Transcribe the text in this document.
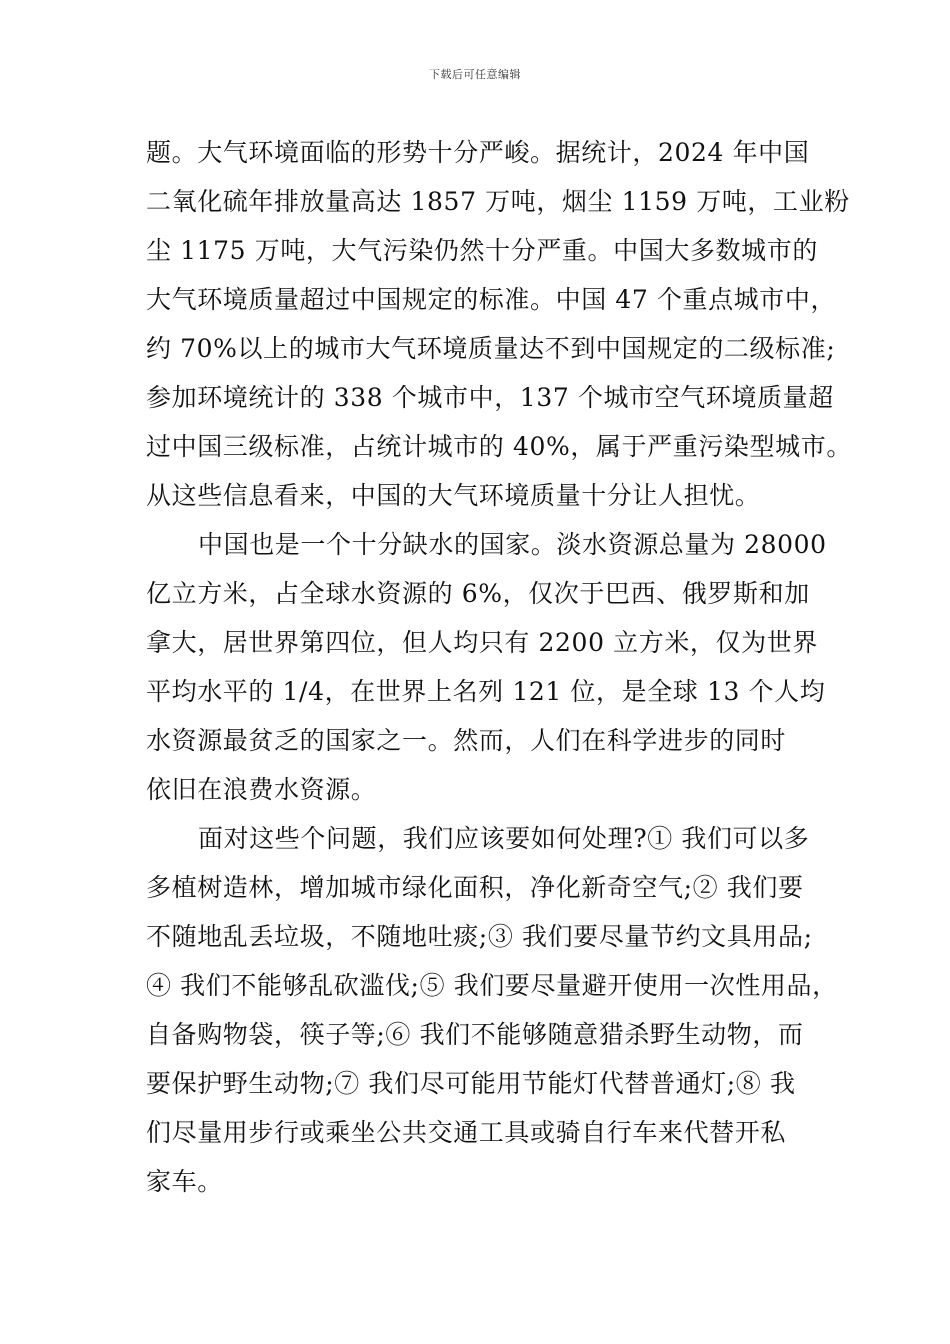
下载后可任意编辑
题。大气环境面临的形势十分严峻。据统计，2024 年中国
二氧化硫年排放量高达 1857 万吨，烟尘 1159 万吨，工业粉
尘 1175 万吨，大气污染仍然十分严重。中国大多数城市的
大气环境质量超过中国规定的标准。中国 47 个重点城市中，
约 70%以上的城市大气环境质量达不到中国规定的二级标准;
参加环境统计的 338 个城市中，137 个城市空气环境质量超
过中国三级标准，占统计城市的 40%，属于严重污染型城市。
从这些信息看来，中国的大气环境质量十分让人担忧。
中国也是一个十分缺水的国家。淡水资源总量为 28000
亿立方米，占全球水资源的 6%，仅次于巴西、俄罗斯和加
拿大，居世界第四位，但人均只有 2200 立方米，仅为世界
平均水平的 1/4，在世界上名列 121 位，是全球 13 个人均
水资源最贫乏的国家之一。然而，人们在科学进步的同时
依旧在浪费水资源。
面对这些个问题，我们应该要如何处理?① 我们可以多
多植树造林，增加城市绿化面积，净化新奇空气;② 我们要
不随地乱丢垃圾，不随地吐痰;③ 我们要尽量节约文具用品;
④ 我们不能够乱砍滥伐;⑤ 我们要尽量避开使用一次性用品，
自备购物袋，筷子等;⑥ 我们不能够随意猎杀野生动物，而
要保护野生动物;⑦ 我们尽可能用节能灯代替普通灯;⑧ 我
们尽量用步行或乘坐公共交通工具或骑自行车来代替开私
家车。
